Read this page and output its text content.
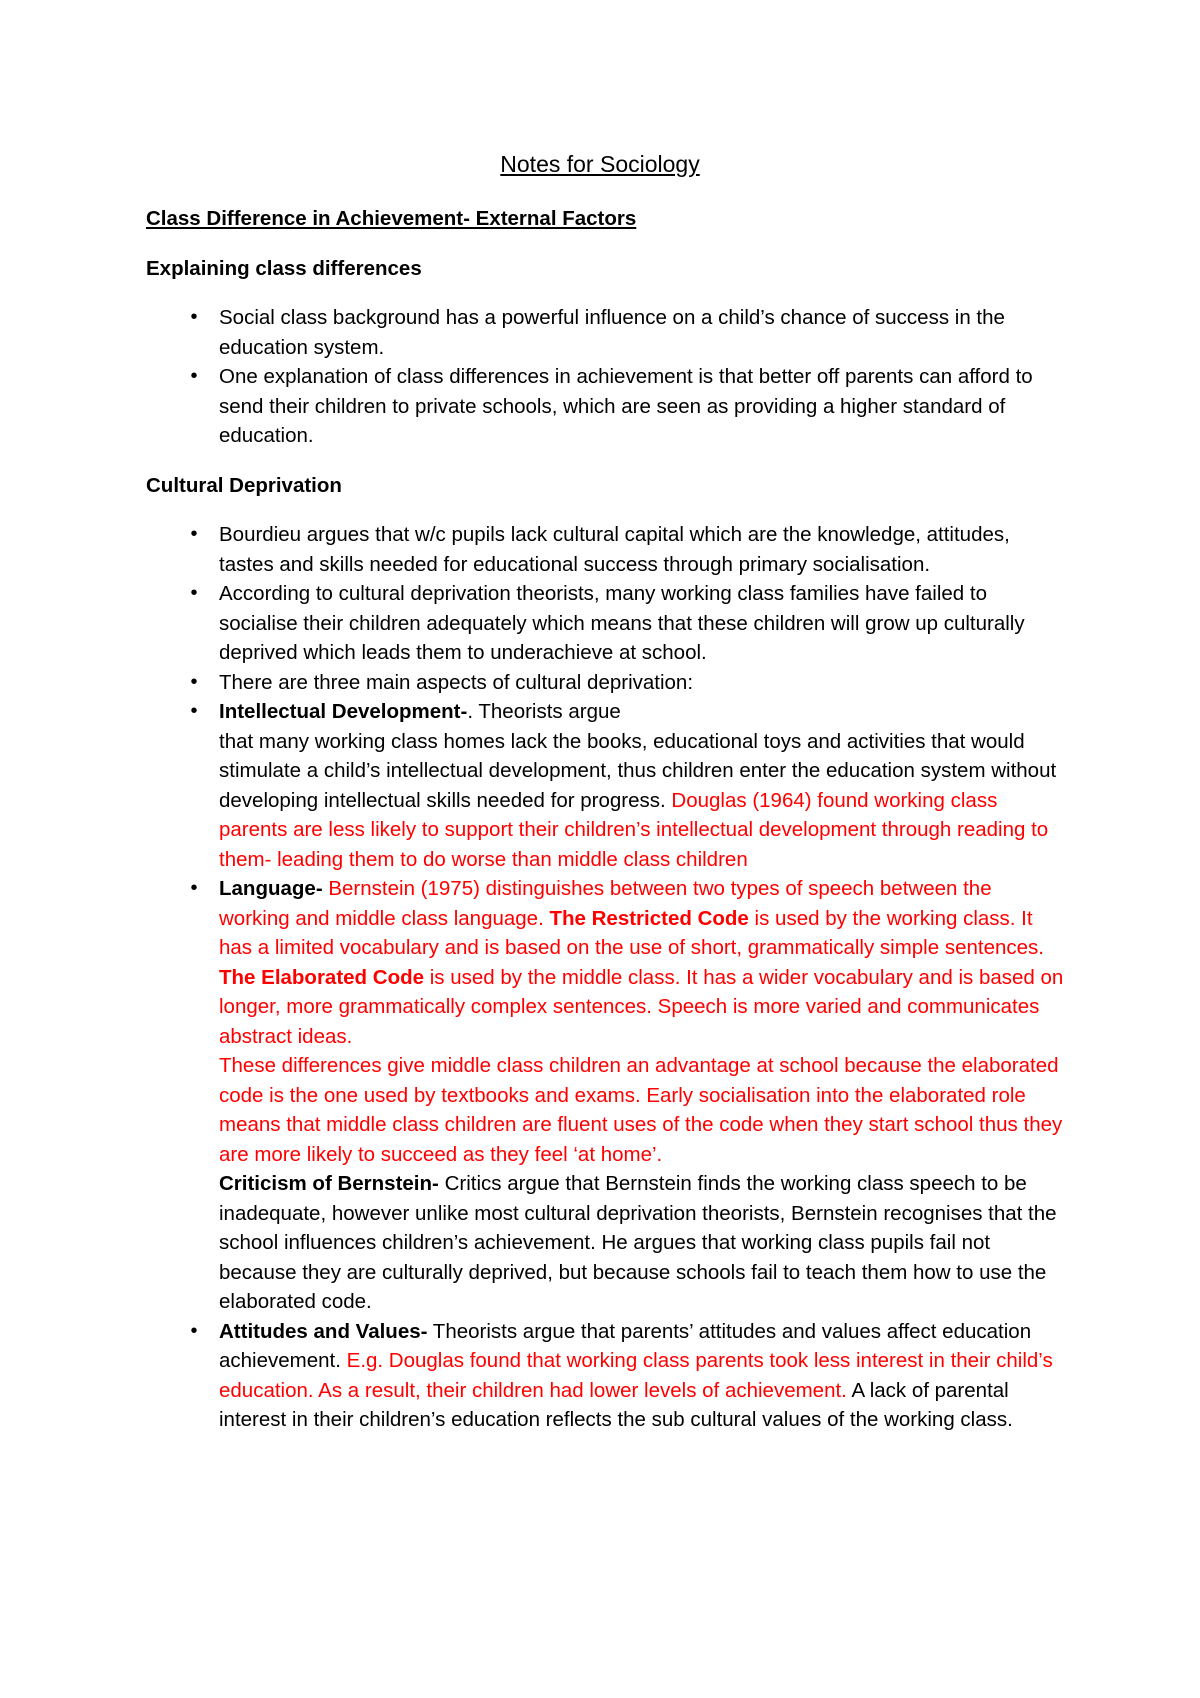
Notes for Sociology
Class Difference in Achievement- External Factors
Explaining class differences
•	Social class background has a powerful influence on a child’s chance of success in the education system.
•	One explanation of class differences in achievement is that better off parents can afford to send their children to private schools, which are seen as providing a higher standard of education.
Cultural Deprivation
•	Bourdieu argues that w/c pupils lack cultural capital which are the knowledge, attitudes, tastes and skills needed for educational success through primary socialisation.
•	According to cultural deprivation theorists, many working class families have failed to socialise their children adequately which means that these children will grow up culturally deprived which leads them to underachieve at school.
•	There are three main aspects of cultural deprivation:
•	Intellectual Development-. Theorists argue
that many working class homes lack the books, educational toys and activities that would stimulate a child’s intellectual development, thus children enter the education system without developing intellectual skills needed for progress. Douglas (1964) found working class parents are less likely to support their children’s intellectual development through reading to them- leading them to do worse than middle class children
•	Language- Bernstein (1975) distinguishes between two types of speech between the working and middle class language. The Restricted Code is used by the working class. It has a limited vocabulary and is based on the use of short, grammatically simple sentences.
The Elaborated Code is used by the middle class. It has a wider vocabulary and is based on longer, more grammatically complex sentences. Speech is more varied and communicates abstract ideas.
These differences give middle class children an advantage at school because the elaborated code is the one used by textbooks and exams. Early socialisation into the elaborated role means that middle class children are fluent uses of the code when they start school thus they are more likely to succeed as they feel ‘at home’.
Criticism of Bernstein- Critics argue that Bernstein finds the working class speech to be inadequate, however unlike most cultural deprivation theorists, Bernstein recognises that the school influences children’s achievement. He argues that working class pupils fail not because they are culturally deprived, but because schools fail to teach them how to use the elaborated code.
•	Attitudes and Values- Theorists argue that parents’ attitudes and values affect education achievement. E.g. Douglas found that working class parents took less interest in their child’s education. As a result, their children had lower levels of achievement. A lack of parental interest in their children’s education reflects the sub cultural values of the working class.
